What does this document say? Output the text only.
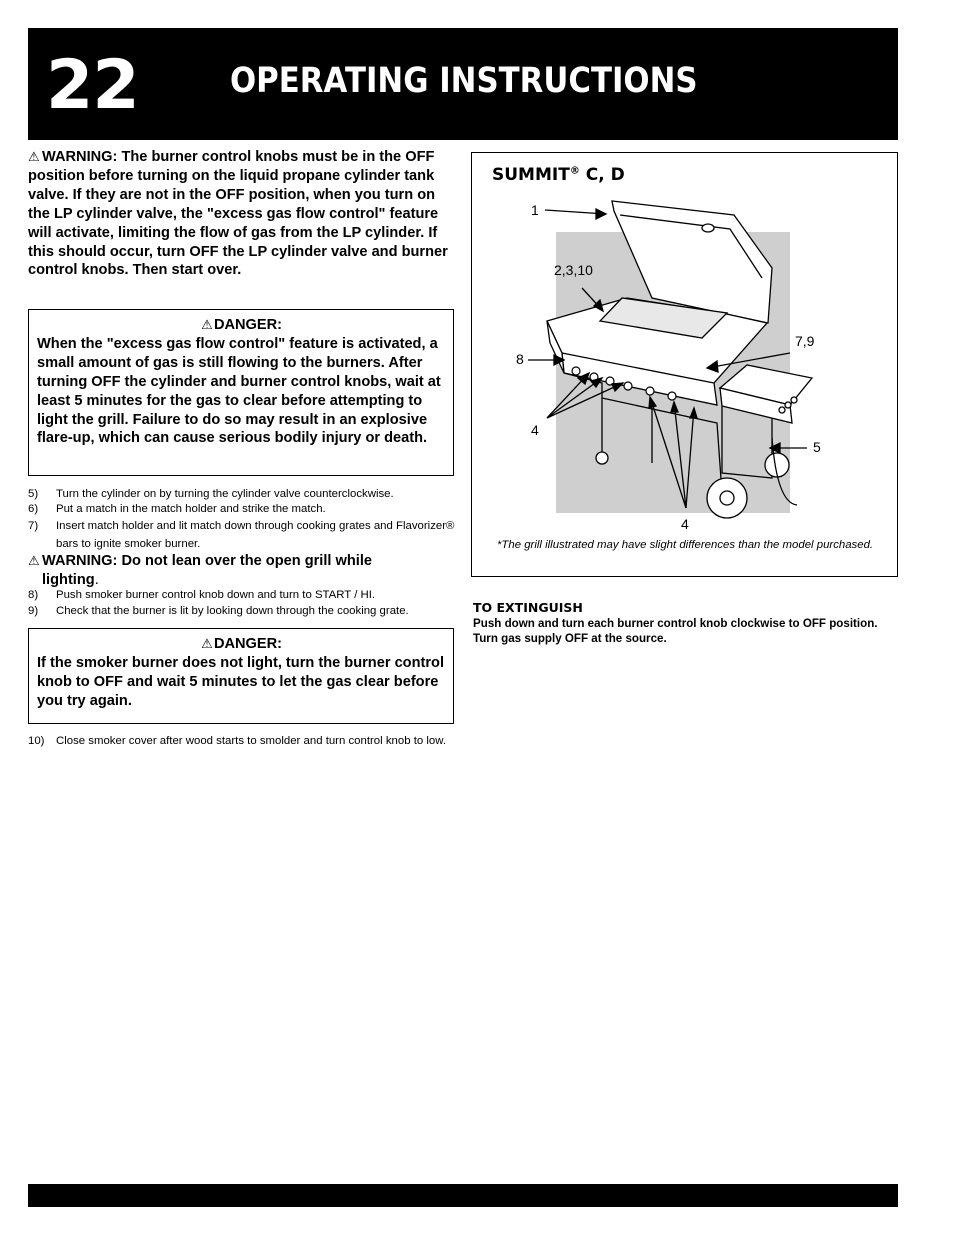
22	OPERATING INSTRUCTIONS

⚠ WARNING: The burner control knobs must be in the OFF position before turning on the liquid propane cylinder tank valve. If they are not in the OFF position, when you turn on the LP cylinder valve, the "excess gas flow control" feature will activate, limiting the flow of gas from the LP cylinder. If this should occur, turn OFF the LP cylinder valve and burner control knobs. Then start over.

⚠DANGER:
When the "excess gas flow control" feature is activated, a small amount of gas is still flowing to the burners. After turning OFF the cylinder and burner control knobs, wait at least 5 minutes for the gas to clear before attempting to light the grill. Failure to do so may result in an explosive flare-up, which can cause serious bodily injury or death.
5)	Turn the cylinder on by turning the cylinder valve counterclockwise.
6)	Put a match in the match holder and strike the match.
7)	Insert match holder and lit match down through cooking grates and Flavorizer® bars to ignite smoker burner.
⚠ WARNING: Do not lean over the open grill while
lighting.
8)	Push smoker burner control knob down and turn to START / HI.
9)	Check that the burner is lit by looking down through the cooking grate.
⚠DANGER:
If the smoker burner does not light, turn the burner control knob to OFF and wait 5 minutes to let the gas clear before you try again.
10)	Close smoker cover after wood starts to smolder and turn control knob to low.
SUMMIT® C, D
1
2,3,10
7,9
8
4
5
4
*The grill illustrated may have slight differences than the model purchased.
TO EXTINGUISH
Push down and turn each burner control knob clockwise to OFF position. Turn gas supply OFF at the source.
